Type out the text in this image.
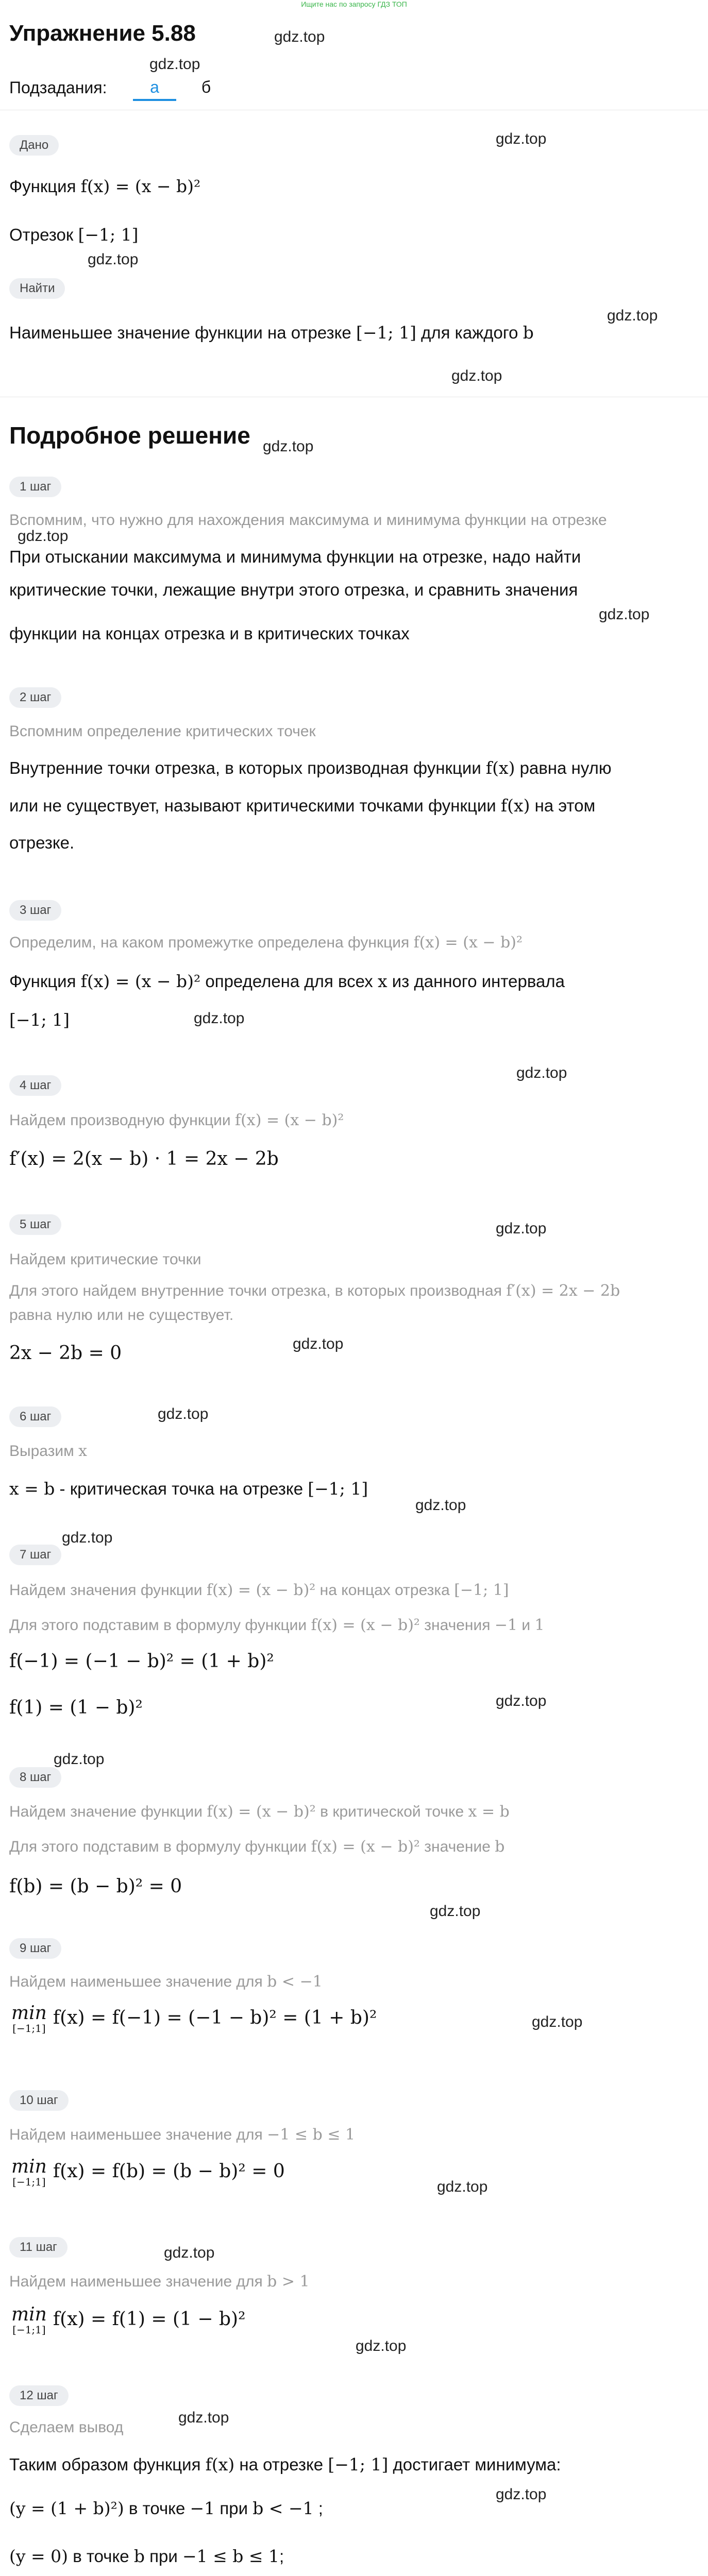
Ищите нас по запросу ГДЗ ТОП
Упражнение 5.88	gdz.top
Подзадания:
gdz.top
а	б
Дано	gdz.top
Функция f(x) = (x − b)²
Отрезок [−1; 1]
gdz.top
Найти
gdz.top
Наименьшее значение функции на отрезке [−1; 1] для каждого b
gdz.top
Подробное решение gdz.top
1 шаг
Вспомним, что нужно для нахождения максимума и минимума функции на отрезке
gdz.top
При отыскании максимума и минимума функции на отрезке, надо найти
критические точки, лежащие внутри этого отрезка, и сравнить значения
gdz.top
функции на концах отрезка и в критических точках
2 шаг
Вспомним определение критических точек
Внутренние точки отрезка, в которых производная функции f(x) равна нулю
или не существует, называют критическими точками функции f(x) на этом
отрезке.
3 шаг
Определим, на каком промежутке определена функция f(x) = (x − b)²
Функция f(x) = (x − b)² определена для всех x из данного интервала
[−1; 1]	gdz.top
gdz.top
4 шаг
Найдем производную функции f(x) = (x − b)²
f′(x) = 2(x − b) · 1 = 2x − 2b
5 шаг	gdz.top
Найдем критические точки
Для этого найдем внутренние точки отрезка, в которых производная f′(x) = 2x − 2b
равна нулю или не существует.
gdz.top
2x − 2b = 0
6 шаг	gdz.top
Выразим x
x = b - критическая точка на отрезке [−1; 1]
gdz.top
gdz.top
7 шаг
Найдем значения функции f(x) = (x − b)² на концах отрезка [−1; 1]
Для этого подставим в формулу функции f(x) = (x − b)² значения −1 и 1
f(−1) = (−1 − b)² = (1 + b)²
gdz.top
f(1) = (1 − b)²
gdz.top
8 шаг
Найдем значение функции f(x) = (x − b)² в критической точке x = b
Для этого подставим в формулу функции f(x) = (x − b)² значение b
f(b) = (b − b)² = 0
gdz.top
9 шаг
Найдем наименьшее значение для b < −1
min
[−1;1] f(x) = f(−1) = (−1 − b)² = (1 + b)²	gdz.top
10 шаг
Найдем наименьшее значение для −1 ≤ b ≤ 1
min
[−1;1] f(x) = f(b) = (b − b)² = 0
gdz.top
11 шаг	gdz.top
Найдем наименьшее значение для b > 1
min
[−1;1] f(x) = f(1) = (1 − b)²
gdz.top
12 шаг
Сделаем вывод
gdz.top
Таким образом функция f(x) на отрезке [−1; 1] достигает минимума:
gdz.top
(y = (1 + b)²) в точке −1 при b < −1 ;
(y = 0) в точке b при −1 ≤ b ≤ 1;
